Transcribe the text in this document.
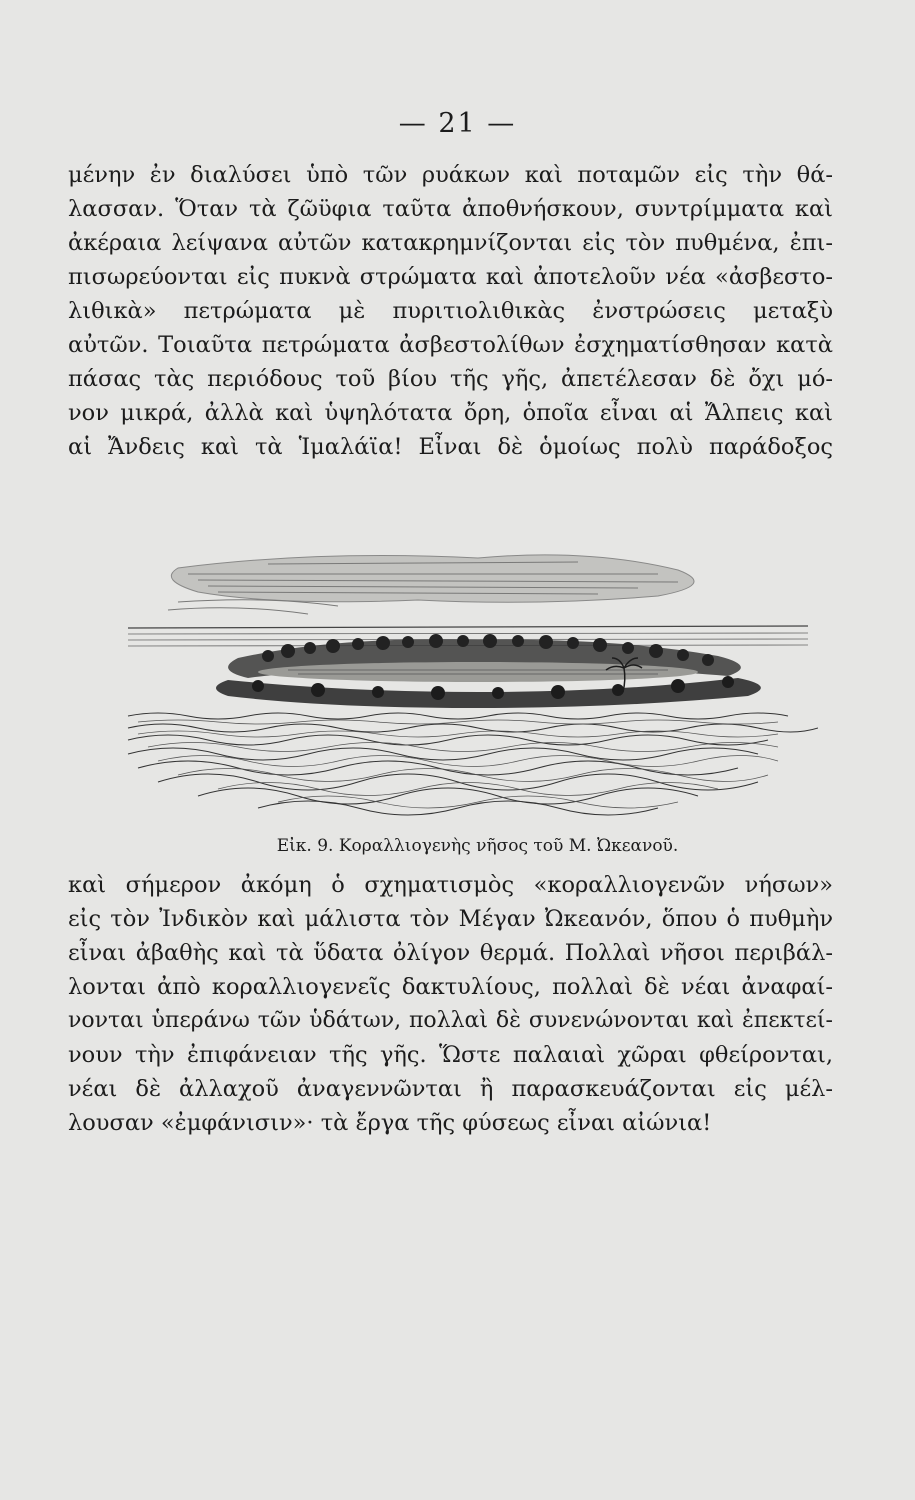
— 21 —
μένην ἐν διαλύσει ὑπὸ τῶν ρυάκων καὶ ποταμῶν εἰς τὴν θά-
λασσαν. Ὅταν τὰ ζῶϋφια ταῦτα ἀποθνήσκουν, συντρίμματα καὶ
ἀκέραια λείψανα αὐτῶν κατακρημνίζονται εἰς τὸν πυθμένα, ἐπι-
πισωρεύονται εἰς πυκνὰ στρώματα καὶ ἀποτελοῦν νέα «ἀσβεστο-
λιθικὰ» πετρώματα μὲ πυριτιολιθικὰς ἐνστρώσεις μεταξὺ
αὐτῶν. Τοιαῦτα πετρώματα ἀσβεστολίθων ἐσχηματίσθησαν κατὰ
πάσας τὰς περιόδους τοῦ βίου τῆς γῆς, ἀπετέλεσαν δὲ ὄχι μό-
νον μικρά, ἀλλὰ καὶ ὑψηλότατα ὄρη, ὁποῖα εἶναι αἱ Ἄλπεις καὶ
αἱ Ἄνδεις καὶ τὰ Ἱμαλάϊα! Εἶναι δὲ ὁμοίως πολὺ παράδοξος
Εἰκ. 9. Κοραλλιογενὴς νῆσος τοῦ Μ. Ὠκεανοῦ.
καὶ σήμερον ἀκόμη ὁ σχηματισμὸς «κοραλλιογενῶν νήσων»
εἰς τὸν Ἰνδικὸν καὶ μάλιστα τὸν Μέγαν Ὠκεανόν, ὅπου ὁ πυθμὴν
εἶναι ἀβαθὴς καὶ τὰ ὕδατα ὀλίγον θερμά. Πολλαὶ νῆσοι περιβάλ-
λονται ἀπὸ κοραλλιογενεῖς δακτυλίους, πολλαὶ δὲ νέαι ἀναφαί-
νονται ὑπεράνω τῶν ὑδάτων, πολλαὶ δὲ συνενώνονται καὶ ἐπεκτεί-
νουν τὴν ἐπιφάνειαν τῆς γῆς. Ὥστε παλαιαὶ χῶραι φθείρονται,
νέαι δὲ ἀλλαχοῦ ἀναγεννῶνται ἢ παρασκευάζονται εἰς μέλ-
λουσαν «ἐμφάνισιν»· τὰ ἔργα τῆς φύσεως εἶναι αἰώνια!
